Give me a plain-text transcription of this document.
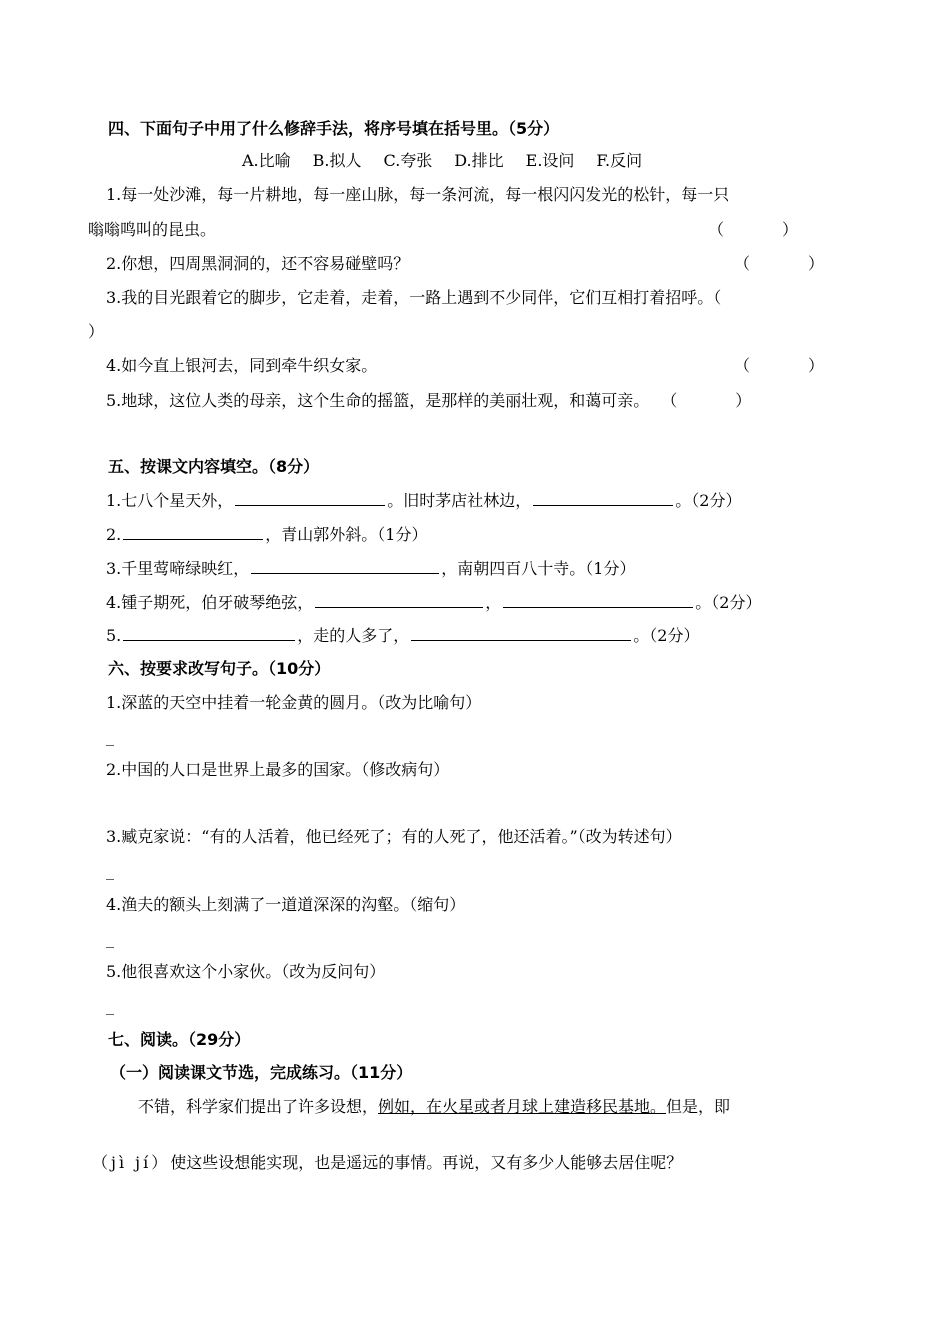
四、下面句子中用了什么修辞手法，将序号填在括号里。（5分）
A.比喻 B.拟人 C.夸张 D.排比 E.设问 F.反问
1.每一处沙滩，每一片耕地，每一座山脉，每一条河流，每一根闪闪发光的松针，每一只
嗡嗡鸣叫的昆虫。	（	）
2.你想，四周黑洞洞的，还不容易碰壁吗？	（	）
3.我的目光跟着它的脚步，它走着，走着，一路上遇到不少同伴，它们互相打着招呼。（
）
4.如今直上银河去，同到牵牛织女家。	（	）
5.地球，这位人类的母亲，这个生命的摇篮，是那样的美丽壮观，和蔼可亲。 （	）
五、按课文内容填空。（8分）
1.七八个星天外，	。旧时茅店社林边，	。（2分）
2.	，青山郭外斜。（1分）
3.千里莺啼绿映红，	，南朝四百八十寺。（1分）
4.锺子期死，伯牙破琴绝弦，	，	。（2分）
5.	，走的人多了，	。（2分）
六、按要求改写句子。（10分）
1.深蓝的天空中挂着一轮金黄的圆月。（改为比喻句）
_
2.中国的人口是世界上最多的国家。（修改病句）
3.臧克家说：“有的人活着，他已经死了；有的人死了，他还活着。”（改为转述句）
_
4.渔夫的额头上刻满了一道道深深的沟壑。（缩句）
_
5.他很喜欢这个小家伙。（改为反问句）
_
七、阅读。（29分）
（一）阅读课文节选，完成练习。（11分）
不错，科学家们提出了许多设想，例如，在火星或者月球上建造移民基地。但是，即
（jì jí）使这些设想能实现，也是遥远的事情。再说，又有多少人能够去居住呢？
